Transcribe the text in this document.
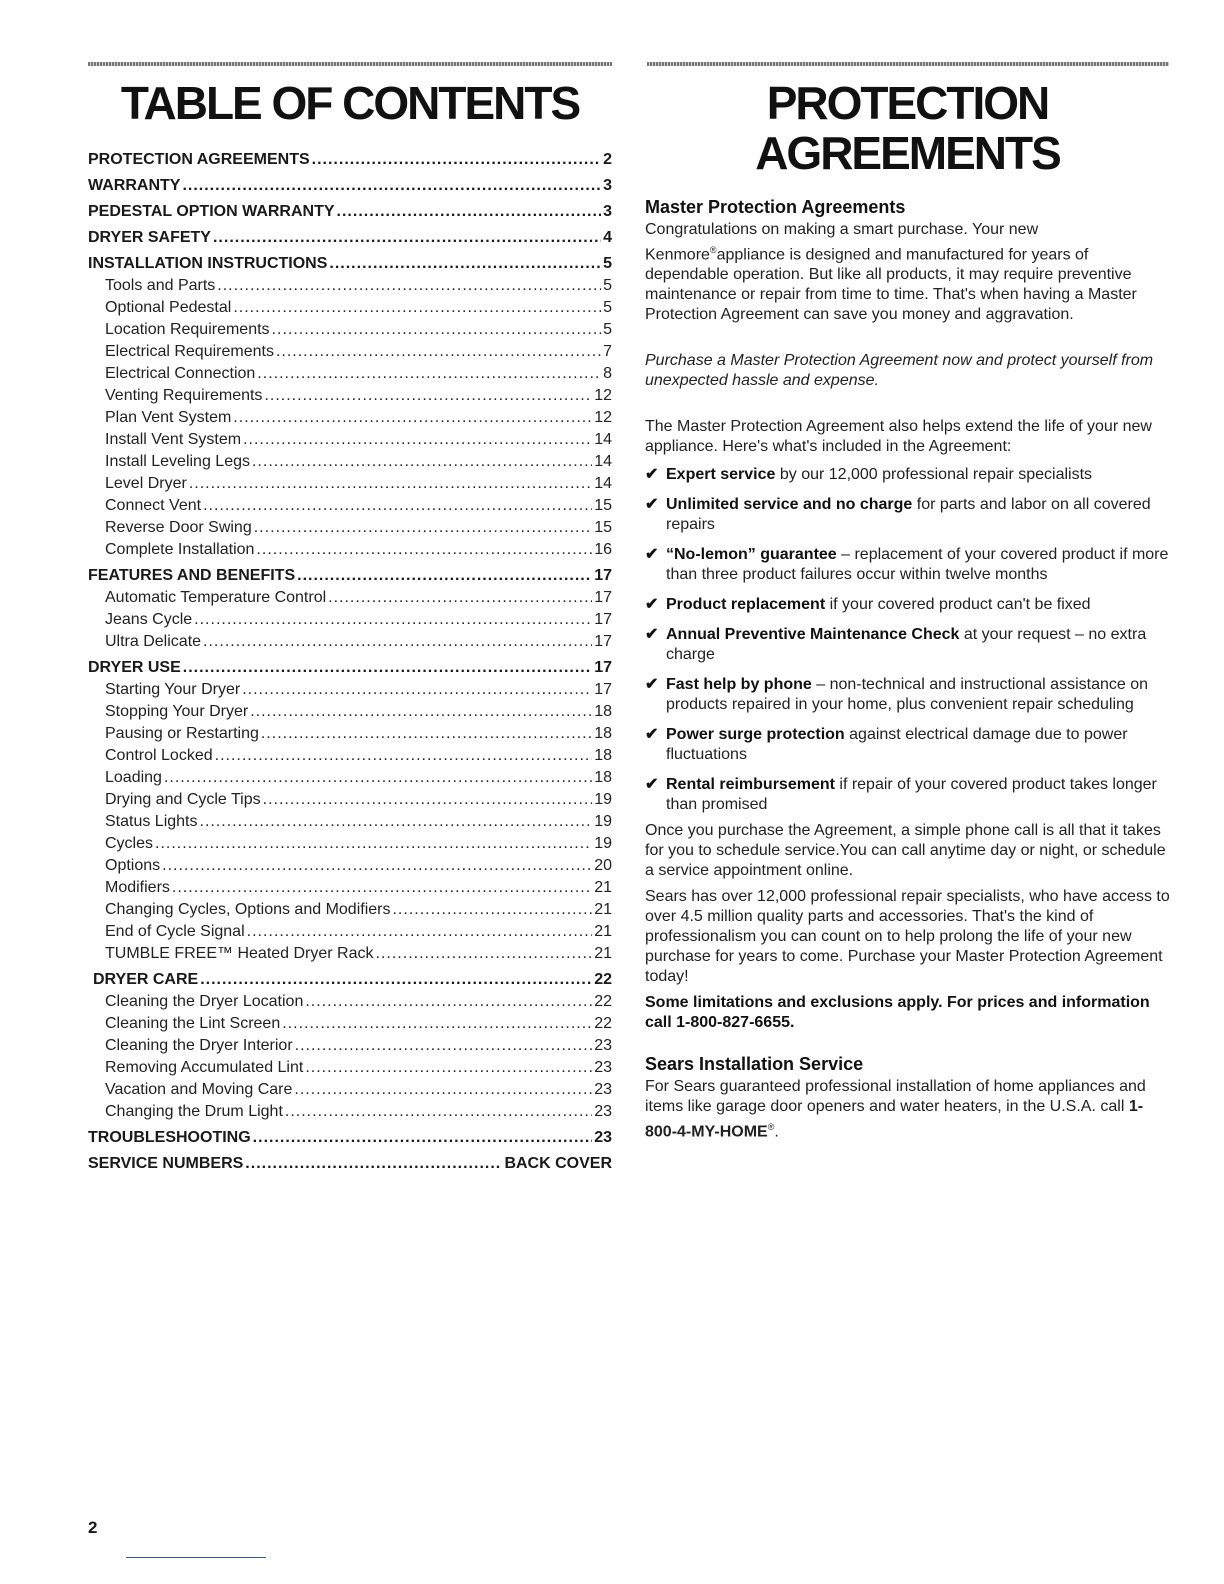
TABLE OF CONTENTS
PROTECTION AGREEMENTS .....	2
WARRANTY .....	3
PEDESTAL OPTION WARRANTY .....	3
DRYER SAFETY .....	4
INSTALLATION INSTRUCTIONS .....	5
Tools and Parts .....	5
Optional Pedestal .....	5
Location Requirements .....	5
Electrical Requirements .....	7
Electrical Connection .....	8
Venting Requirements .....	12
Plan Vent System .....	12
Install Vent System .....	14
Install Leveling Legs .....	14
Level Dryer .....	14
Connect Vent .....	15
Reverse Door Swing .....	15
Complete Installation .....	16
FEATURES AND BENEFITS .....	17
Automatic Temperature Control .....	17
Jeans Cycle .....	17
Ultra Delicate .....	17
DRYER USE .....	17
Starting Your Dryer .....	17
Stopping Your Dryer .....	18
Pausing or Restarting .....	18
Control Locked .....	18
Loading .....	18
Drying and Cycle Tips .....	19
Status Lights .....	19
Cycles .....	19
Options .....	20
Modifiers .....	21
Changing Cycles, Options and Modifiers .....	21
End of Cycle Signal .....	21
TUMBLE FREE™ Heated Dryer Rack .....	21
DRYER CARE .....	22
Cleaning the Dryer Location .....	22
Cleaning the Lint Screen .....	22
Cleaning the Dryer Interior .....	23
Removing Accumulated Lint .....	23
Vacation and Moving Care .....	23
Changing the Drum Light .....	23
TROUBLESHOOTING .....	23
SERVICE NUMBERS .....	BACK COVER
PROTECTION
AGREEMENTS
Master Protection Agreements

Congratulations on making a smart purchase. Your new Kenmore®appliance is designed and manufactured for years of dependable operation. But like all products, it may require preventive maintenance or repair from time to time. That's when having a Master Protection Agreement can save you money and aggravation.

Purchase a Master Protection Agreement now and protect yourself from unexpected hassle and expense.

The Master Protection Agreement also helps extend the life of your new appliance. Here's what's included in the Agreement:

✔ Expert service by our 12,000 professional repair specialists
✔ Unlimited service and no charge for parts and labor on all covered repairs
✔ “No-lemon” guarantee – replacement of your covered product if more than three product failures occur within twelve months
✔ Product replacement if your covered product can't be fixed
✔ Annual Preventive Maintenance Check at your request – no extra charge
✔ Fast help by phone – non-technical and instructional assistance on products repaired in your home, plus convenient repair scheduling
✔ Power surge protection against electrical damage due to power fluctuations
✔ Rental reimbursement if repair of your covered product takes longer than promised

Once you purchase the Agreement, a simple phone call is all that it takes for you to schedule service.You can call anytime day or night, or schedule a service appointment online.

Sears has over 12,000 professional repair specialists, who have access to over 4.5 million quality parts and accessories. That's the kind of professionalism you can count on to help prolong the life of your new purchase for years to come. Purchase your Master Protection Agreement today!

Some limitations and exclusions apply. For prices and information call 1-800-827-6655.

Sears Installation Service

For Sears guaranteed professional installation of home appliances and items like garage door openers and water heaters, in the U.S.A. call 1-800-4-MY-HOME®.

2
